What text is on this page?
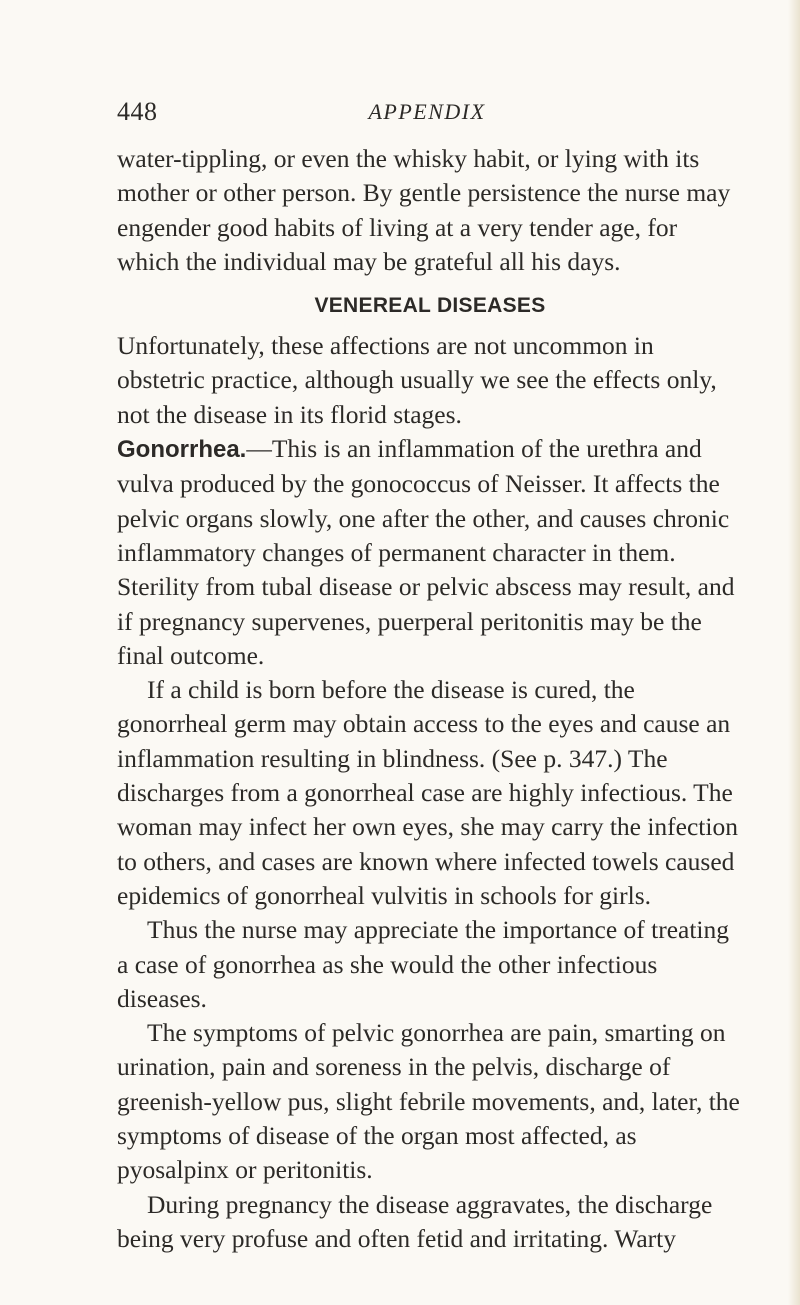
448	APPENDIX

water-tippling, or even the whisky habit, or lying with its mother or other person. By gentle persistence the nurse may engender good habits of living at a very tender age, for which the individual may be grateful all his days.

VENEREAL DISEASES

Unfortunately, these affections are not uncommon in obstetric practice, although usually we see the effects only, not the disease in its florid stages.

Gonorrhea.—This is an inflammation of the urethra and vulva produced by the gonococcus of Neisser. It affects the pelvic organs slowly, one after the other, and causes chronic inflammatory changes of permanent character in them. Sterility from tubal disease or pelvic abscess may result, and if pregnancy supervenes, puerperal peritonitis may be the final outcome.

If a child is born before the disease is cured, the gonorrheal germ may obtain access to the eyes and cause an inflammation resulting in blindness. (See p. 347.) The discharges from a gonorrheal case are highly infectious. The woman may infect her own eyes, she may carry the infection to others, and cases are known where infected towels caused epidemics of gonorrheal vulvitis in schools for girls.

Thus the nurse may appreciate the importance of treating a case of gonorrhea as she would the other infectious diseases.

The symptoms of pelvic gonorrhea are pain, smarting on urination, pain and soreness in the pelvis, discharge of greenish-yellow pus, slight febrile movements, and, later, the symptoms of disease of the organ most affected, as pyosalpinx or peritonitis.

During pregnancy the disease aggravates, the discharge being very profuse and often fetid and irritating. Warty
